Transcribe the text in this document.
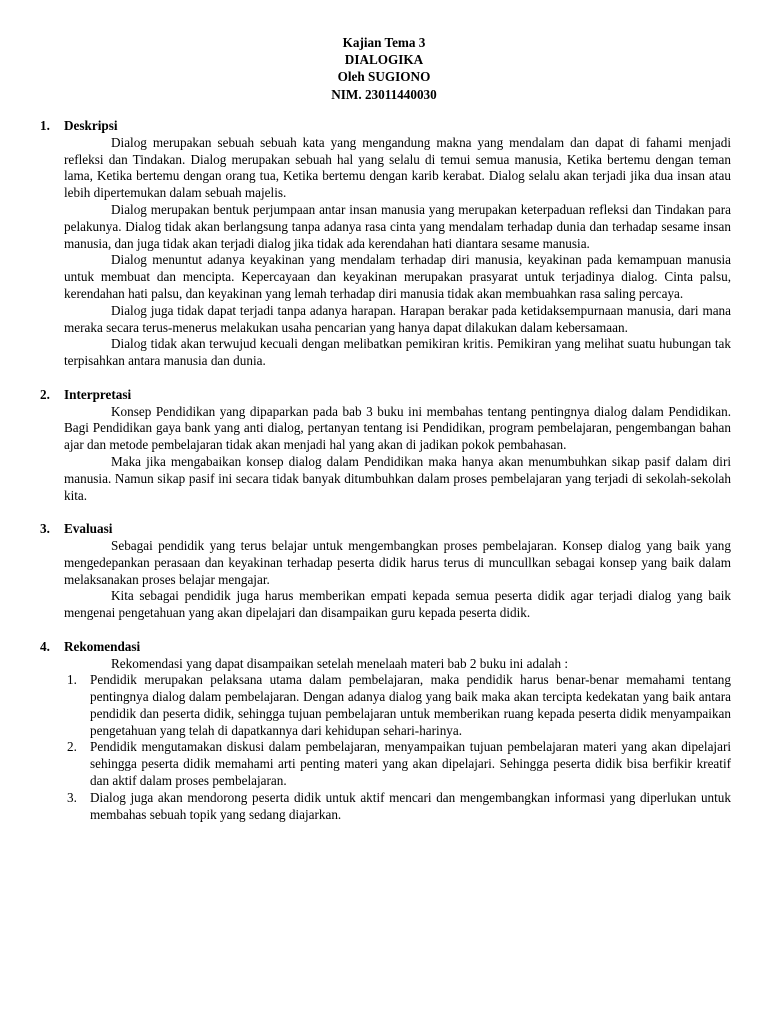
Kajian Tema 3
DIALOGIKA
Oleh SUGIONO
NIM. 23011440030
1. Deskripsi

Dialog merupakan sebuah sebuah kata yang mengandung makna yang mendalam dan dapat di fahami menjadi refleksi dan Tindakan. Dialog merupakan sebuah hal yang selalu di temui semua manusia, Ketika bertemu dengan teman lama, Ketika bertemu dengan orang tua, Ketika bertemu dengan karib kerabat. Dialog selalu akan terjadi jika dua insan atau lebih dipertemukan dalam sebuah majelis.

Dialog merupakan bentuk perjumpaan antar insan manusia yang merupakan keterpaduan refleksi dan Tindakan para pelakunya. Dialog tidak akan berlangsung tanpa adanya rasa cinta yang mendalam terhadap dunia dan terhadap sesame insan manusia, dan juga tidak akan terjadi dialog jika tidak ada kerendahan hati diantara sesame manusia.

Dialog menuntut adanya keyakinan yang mendalam terhadap diri manusia, keyakinan pada kemampuan manusia untuk membuat dan mencipta. Kepercayaan dan keyakinan merupakan prasyarat untuk terjadinya dialog. Cinta palsu, kerendahan hati palsu, dan keyakinan yang lemah terhadap diri manusia tidak akan membuahkan rasa saling percaya.

Dialog juga tidak dapat terjadi tanpa adanya harapan. Harapan berakar pada ketidaksempurnaan manusia, dari mana meraka secara terus-menerus melakukan usaha pencarian yang hanya dapat dilakukan dalam kebersamaan.

Dialog tidak akan terwujud kecuali dengan melibatkan pemikiran kritis. Pemikiran yang melihat suatu hubungan tak terpisahkan antara manusia dan dunia.

2. Interpretasi

Konsep Pendidikan yang dipaparkan pada bab 3 buku ini membahas tentang pentingnya dialog dalam Pendidikan. Bagi Pendidikan gaya bank yang anti dialog, pertanyan tentang isi Pendidikan, program pembelajaran, pengembangan bahan ajar dan metode pembelajaran tidak akan menjadi hal yang akan di jadikan pokok pembahasan.

Maka jika mengabaikan konsep dialog dalam Pendidikan maka hanya akan menumbuhkan sikap pasif dalam diri manusia. Namun sikap pasif ini secara tidak banyak ditumbuhkan dalam proses pembelajaran yang terjadi di sekolah-sekolah kita.

3. Evaluasi

Sebagai pendidik yang terus belajar untuk mengembangkan proses pembelajaran. Konsep dialog yang baik yang mengedepankan perasaan dan keyakinan terhadap peserta didik harus terus di muncullkan sebagai konsep yang baik dalam melaksanakan proses belajar mengajar.

Kita sebagai pendidik juga harus memberikan empati kepada semua peserta didik agar terjadi dialog yang baik mengenai pengetahuan yang akan dipelajari dan disampaikan guru kepada peserta didik.

4. Rekomendasi

Rekomendasi yang dapat disampaikan setelah menelaah materi bab 2 buku ini adalah :

1. Pendidik merupakan pelaksana utama dalam pembelajaran, maka pendidik harus benar-benar memahami tentang pentingnya dialog dalam pembelajaran. Dengan adanya dialog yang baik maka akan tercipta kedekatan yang baik antara pendidik dan peserta didik, sehingga tujuan pembelajaran untuk memberikan ruang kepada peserta didik menyampaikan pengetahuan yang telah di dapatkannya dari kehidupan sehari-harinya.
2. Pendidik mengutamakan diskusi dalam pembelajaran, menyampaikan tujuan pembelajaran materi yang akan dipelajari sehingga peserta didik memahami arti penting materi yang akan dipelajari. Sehingga peserta didik bisa berfikir kreatif dan aktif dalam proses pembelajaran.
3. Dialog juga akan mendorong peserta didik untuk aktif mencari dan mengembangkan informasi yang diperlukan untuk membahas sebuah topik yang sedang diajarkan.
